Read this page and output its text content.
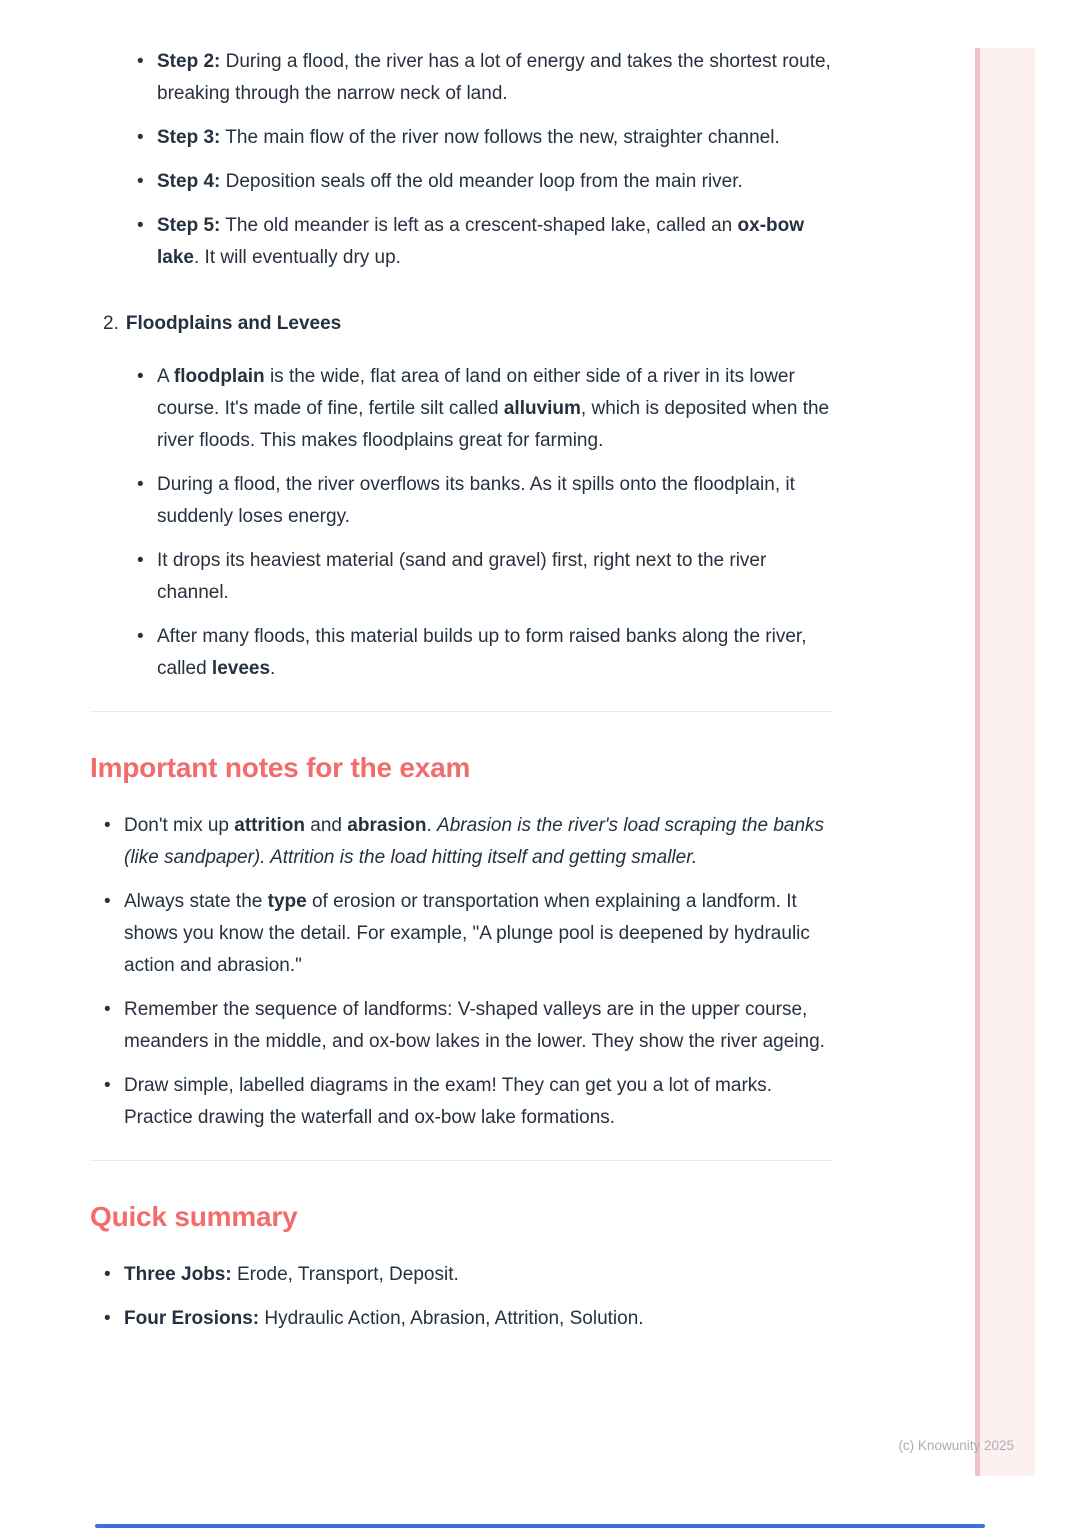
• Step 2: During a flood, the river has a lot of energy and takes the shortest route, breaking through the narrow neck of land.
• Step 3: The main flow of the river now follows the new, straighter channel.
• Step 4: Deposition seals off the old meander loop from the main river.
• Step 5: The old meander is left as a crescent-shaped lake, called an ox-bow lake. It will eventually dry up.
2. Floodplains and Levees
• A floodplain is the wide, flat area of land on either side of a river in its lower course. It's made of fine, fertile silt called alluvium, which is deposited when the river floods. This makes floodplains great for farming.
• During a flood, the river overflows its banks. As it spills onto the floodplain, it suddenly loses energy.
• It drops its heaviest material (sand and gravel) first, right next to the river channel.
• After many floods, this material builds up to form raised banks along the river, called levees.
Important notes for the exam
• Don't mix up attrition and abrasion. Abrasion is the river's load scraping the banks (like sandpaper). Attrition is the load hitting itself and getting smaller.
• Always state the type of erosion or transportation when explaining a landform. It shows you know the detail. For example, "A plunge pool is deepened by hydraulic action and abrasion."
• Remember the sequence of landforms: V-shaped valleys are in the upper course, meanders in the middle, and ox-bow lakes in the lower. They show the river ageing.
• Draw simple, labelled diagrams in the exam! They can get you a lot of marks. Practice drawing the waterfall and ox-bow lake formations.
Quick summary
• Three Jobs: Erode, Transport, Deposit.
• Four Erosions: Hydraulic Action, Abrasion, Attrition, Solution.
(c) Knowunity 2025
